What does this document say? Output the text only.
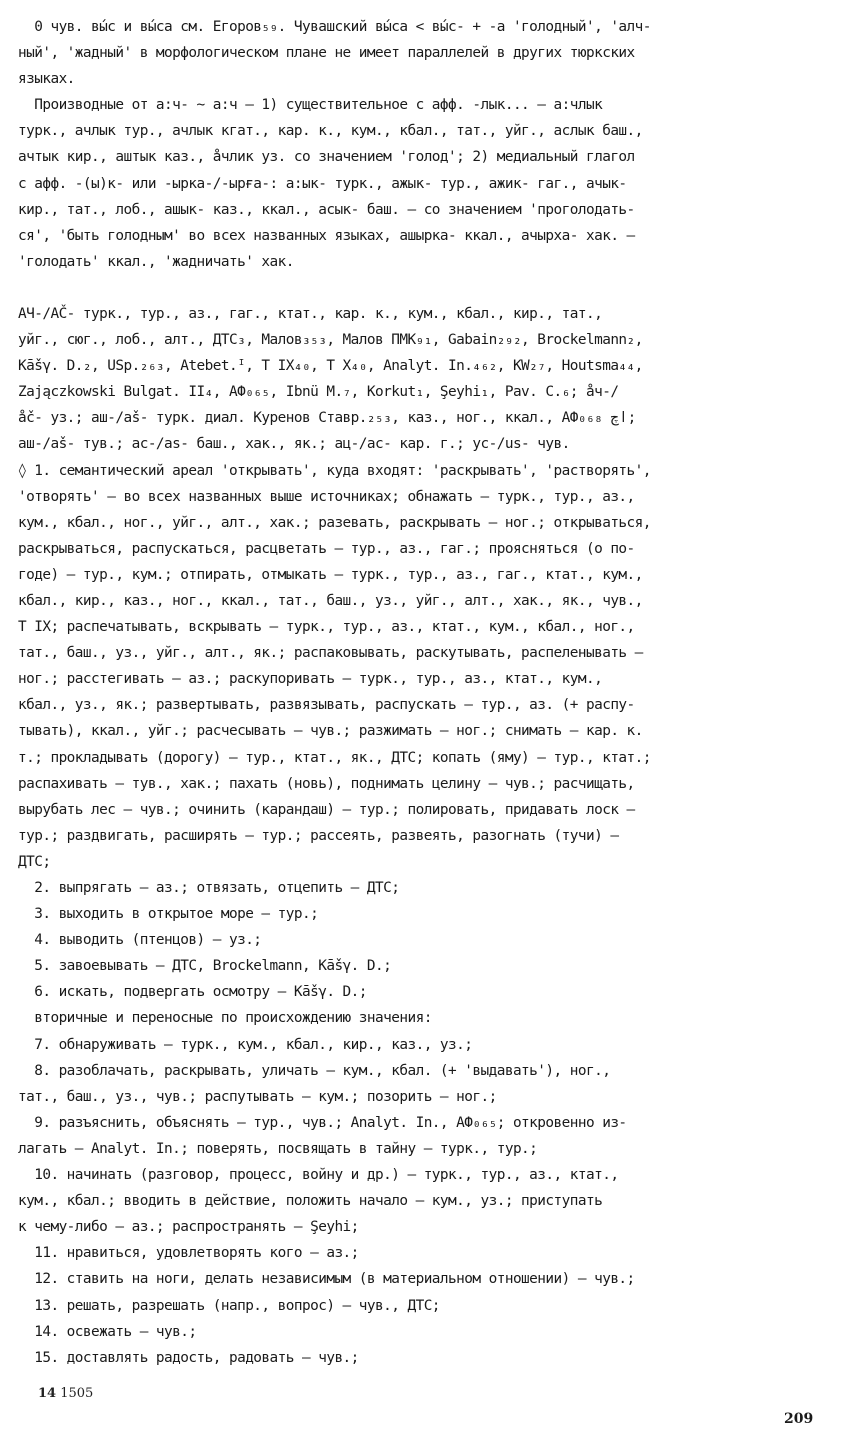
0 чув. вы́с и вы́са см. Егоров₅₉. Чувашский вы́са < вы́с- + -а 'голодный', 'алч-
ный', 'жадный' в морфологическом плане не имеет параллелей в других тюркских
языках.
Производные от а:ч- ~ а:ч – 1) существительное с афф. -лык... – а:члык
турк., ачлык тур., ачлык кгат., кар. к., кум., кбал., тат., уйг., аслык баш.,
ачтык кир., аштык каз., а̊члик уз. со значением 'голод'; 2) медиальный глагол
с афф. -(ы)к- или -ырка-/-ырға-: а:ык- турк., ажык- тур., ажик- гаг., ачык-
кир., тат., лоб., ашык- каз., ккал., асык- баш. – со значением 'проголодать-
ся', 'быть голодным' во всех названных языках, ашырка- ккал., ачырха- хак. –
'голодать' ккал., 'жадничать' хак.
АЧ-/АČ- турк., тур., аз., гаг., ктат., кар. к., кум., кбал., кир., тат.,
уйг., сюг., лоб., алт., ДТС₃, Малов₃₅₃, Малов ПМК₉₁, Gabain₂₉₂, Brockelmann₂,
Kāšγ. D.₂, USp.₂₆₃, Atebet.ᴵ, T IX₄₀, T X₄₀, Analyt. In.₄₆₂, KW₂₇, Houtsma₄₄,
Zajączkowski Bulgat. II₄, АФ₀₆₅, Ibnü M.₇, Korkut₁, Şeyhi₁, Pav. C.₆; а̊ч-/
а̊č- уз.; аш-/aš- турк. диал. Куренов Ставр.₂₅₃, каз., ног., ккал., АФ₀₆₈ اچ;
аш-/аš- тув.; ас-/as- баш., хак., як.; ац-/ac- кар. г.; ус-/us- чув.
◊ 1. семантический ареал 'открывать', куда входят: 'раскрывать', 'растворять',
'отворять' – во всех названных выше источниках; обнажать – турк., тур., аз.,
кум., кбал., ног., уйг., алт., хак.; разевать, раскрывать – ног.; открываться,
раскрываться, распускаться, расцветать – тур., аз., гаг.; проясняться (о по-
годе) – тур., кум.; отпирать, отмыкать – турк., тур., аз., гаг., ктат., кум.,
кбал., кир., каз., ног., ккал., тат., баш., уз., уйг., алт., хак., як., чув.,
T IX; распечатывать, вскрывать – турк., тур., аз., ктат., кум., кбал., ног.,
тат., баш., уз., уйг., алт., як.; распаковывать, раскутывать, распеленывать –
ног.; расстегивать – аз.; раскупоривать – турк., тур., аз., ктат., кум.,
кбал., уз., як.; развертывать, развязывать, распускать – тур., аз. (+ распу-
тывать), ккал., уйг.; расчесывать – чув.; разжимать – ног.; снимать – кар. к.
т.; прокладывать (дорогу) – тур., ктат., як., ДТС; копать (яму) – тур., ктат.;
распахивать – тув., хак.; пахать (новь), поднимать целину – чув.; расчищать,
вырубать лес – чув.; очинить (карандаш) – тур.; полировать, придавать лоск –
тур.; раздвигать, расширять – тур.; рассеять, развеять, разогнать (тучи) –
ДТС;
2. выпрягать – аз.; отвязать, отцепить – ДТС;
3. выходить в открытое море – тур.;
4. выводить (птенцов) – уз.;
5. завоевывать – ДТС, Brockelmann, Kāšγ. D.;
6. искать, подвергать осмотру – Kāšγ. D.;
вторичные и переносные по происхождению значения:
7. обнаруживать – турк., кум., кбал., кир., каз., уз.;
8. разоблачать, раскрывать, уличать – кум., кбал. (+ 'выдавать'), ног.,
тат., баш., уз., чув.; распутывать – кум.; позорить – ног.;
9. разъяснить, объяснять – тур., чув.; Analyt. In., АФ₀₆₅; откровенно из-
лагать – Analyt. In.; поверять, посвящать в тайну – турк., тур.;
10. начинать (разговор, процесс, войну и др.) – турк., тур., аз., ктат.,
кум., кбал.; вводить в действие, положить начало – кум., уз.; приступать
к чему-либо – аз.; распространять – Şeyhi;
11. нравиться, удовлетворять кого – аз.;
12. ставить на ноги, делать независимым (в материальном отношении) – чув.;
13. решать, разрешать (напр., вопрос) – чув., ДТС;
14. освежать – чув.;
15. доставлять радость, радовать – чув.;
14 1505
209
